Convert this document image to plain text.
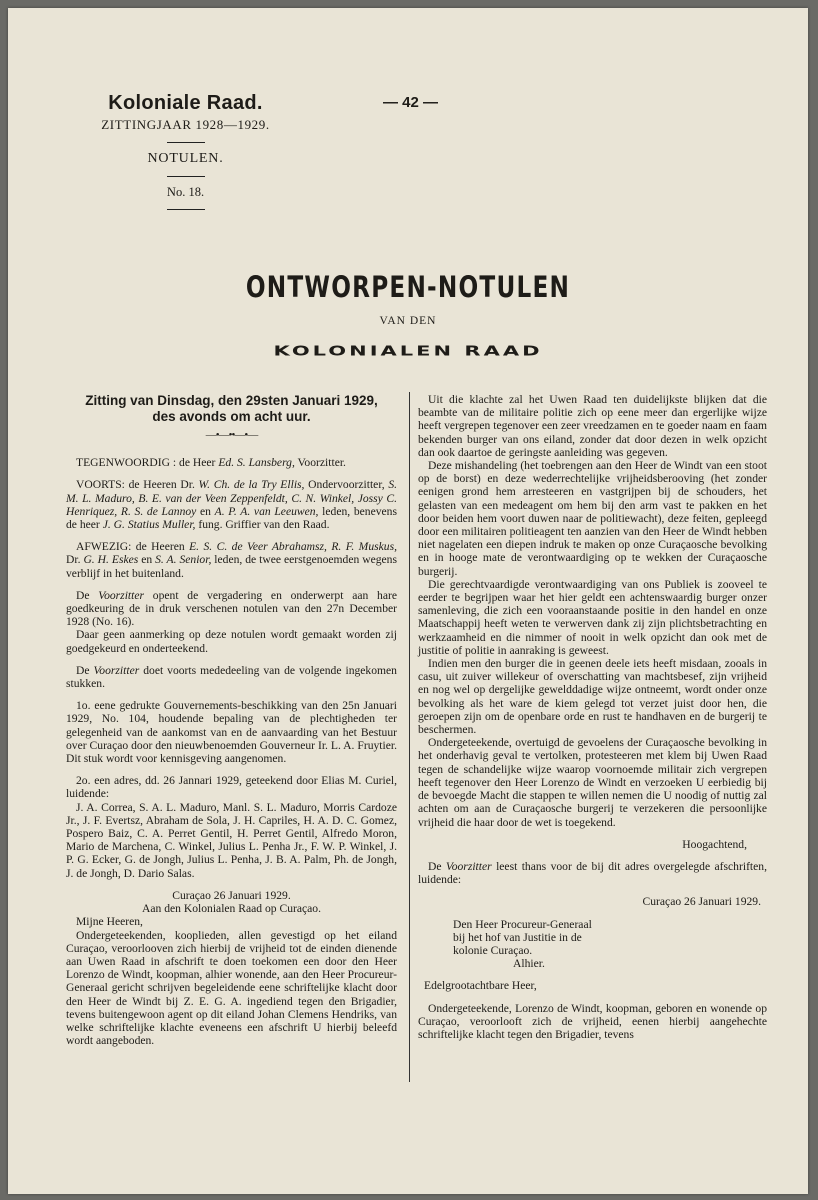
Koloniale Raad.
ZITTINGJAAR 1928—1929.
NOTULEN.
No. 18.
— 42 —
ONTWORPEN-NOTULEN
VAN DEN
KOLONIALEN RAAD
Zitting van Dinsdag, den 29sten Januari 1929,
des avonds om acht uur.
—•—••—•—

TEGENWOORDIG : de Heer Ed. S. Lansberg, Voorzitter.

VOORTS: de Heeren Dr. W. Ch. de la Try Ellis, Ondervoorzitter, S. M. L. Maduro, B. E. van der Veen Zeppenfeldt, C. N. Winkel, Jossy C. Henriquez, R. S. de Lannoy en A. P. A. van Leeuwen, leden, benevens de heer J. G. Statius Muller, fung. Griffier van den Raad.

AFWEZIG: de Heeren E. S. C. de Veer Abrahamsz, R. F. Muskus, Dr. G. H. Eskes en S. A. Senior, leden, de twee eerstgenoemden wegens verblijf in het buitenland.

De Voorzitter opent de vergadering en onderwerpt aan hare goedkeuring de in druk verschenen notulen van den 27n December 1928 (No. 16).

Daar geen aanmerking op deze notulen wordt gemaakt worden zij goedgekeurd en onderteekend.

De Voorzitter doet voorts mededeeling van de volgende ingekomen stukken.

1o. eene gedrukte Gouvernements-beschikking van den 25n Januari 1929, No. 104, houdende bepaling van de plechtigheden ter gelegenheid van de aankomst van en de aanvaarding van het Bestuur over Curaçao door den nieuwbenoemden Gouverneur Ir. L. A. Fruytier. Dit stuk wordt voor kennisgeving aangenomen.

2o. een adres, dd. 26 Jannari 1929, geteekend door Elias M. Curiel, luidende:

J. A. Correa, S. A. L. Maduro, Manl. S. L. Maduro, Morris Cardoze Jr., J. F. Evertsz, Abraham de Sola, J. H. Capriles, H. A. D. C. Gomez, Pospero Baiz, C. A. Perret Gentil, H. Perret Gentil, Alfredo Moron, Mario de Marchena, C. Winkel, Julius L. Penha Jr., F. W. P. Winkel, J. P. G. Ecker, G. de Jongh, Julius L. Penha, J. B. A. Palm, Ph. de Jongh, J. de Jongh, D. Dario Salas.

Curaçao 26 Januari 1929.

Aan den Kolonialen Raad op Curaçao.

Mijne Heeren,

Ondergeteekenden, kooplieden, allen gevestigd op het eiland Curaçao, veroorlooven zich hierbij de vrijheid tot de einden dienende aan Uwen Raad in afschrift te doen toekomen een door den Heer Lorenzo de Windt, koopman, alhier wonende, aan den Heer Procureur-Generaal gericht schrijven begeleidende eene schriftelijke klacht door den Heer de Windt bij Z. E. G. A. ingediend tegen den Brigadier, tevens buitengewoon agent op dit eiland Johan Clemens Hendriks, van welke schriftelijke klachte eveneens een afschrift U hierbij beleefd wordt aangeboden.

Uit die klachte zal het Uwen Raad ten duidelijkste blijken dat die beambte van de militaire politie zich op eene meer dan ergerlijke wijze heeft vergrepen tegenover een zeer vreedzamen en te goeder naam en faam bekenden burger van ons eiland, zonder dat door dezen in welk opzicht dan ook daartoe de geringste aanleiding was gegeven.

Deze mishandeling (het toebrengen aan den Heer de Windt van een stoot op de borst) en deze wederrechtelijke vrijheidsberooving (het zonder eenigen grond hem arresteeren en vastgrijpen bij de schouders, het gelasten van een medeagent om hem bij den arm vast te pakken en het door beiden hem voort duwen naar de politiewacht), deze feiten, gepleegd door een militairen politieagent ten aanzien van den Heer de Windt hebben niet nagelaten een diepen indruk te maken op onze Curaçaosche bevolking en in hooge mate de verontwaardiging op te wekken der Curaçaosche burgerij.

Die gerechtvaardigde verontwaardiging van ons Publiek is zooveel te eerder te begrijpen waar het hier geldt een achtenswaardig burger onzer samenleving, die zich een vooraanstaande positie in den handel en onze Maatschappij heeft weten te verwerven dank zij zijn plichtsbetrachting en werkzaamheid en die nimmer of nooit in welk opzicht dan ook met de justitie of politie in aanraking is geweest.

Indien men den burger die in geenen deele iets heeft misdaan, zooals in casu, uit zuiver willekeur of overschatting van machtsbesef, zijn vrijheid en nog wel op dergelijke gewelddadige wijze ontneemt, wordt onder onze bevolking als het ware de kiem gelegd tot verzet juist door hen, die geroepen zijn om de openbare orde en rust te handhaven en de burgerij te beschermen.

Ondergeteekende, overtuigd de gevoelens der Curaçaosche bevolking in het onderhavig geval te vertolken, protesteeren met klem bij Uwen Raad tegen de schandelijke wijze waarop voornoemde militair zich vergrepen heeft tegenover den Heer Lorenzo de Windt en verzoeken U eerbiedig bij de bevoegde Macht die stappen te willen nemen die U noodig of nuttig zal achten om aan de Curaçaosche burgerij te verzekeren die persoonlijke vrijheid die haar door de wet is toegekend.

Hoogachtend,

De Voorzitter leest thans voor de bij dit adres overgelegde afschriften, luidende:

Curaçao 26 Januari 1929.

Den Heer Procureur-Generaal

bij het hof van Justitie in de

kolonie Curaçao.

Alhier.

Edelgrootachtbare Heer,

Ondergeteekende, Lorenzo de Windt, koopman, geboren en wonende op Curaçao, veroorlooft zich de vrijheid, eenen hierbij aangehechte schriftelijke klacht tegen den Brigadier, tevens
